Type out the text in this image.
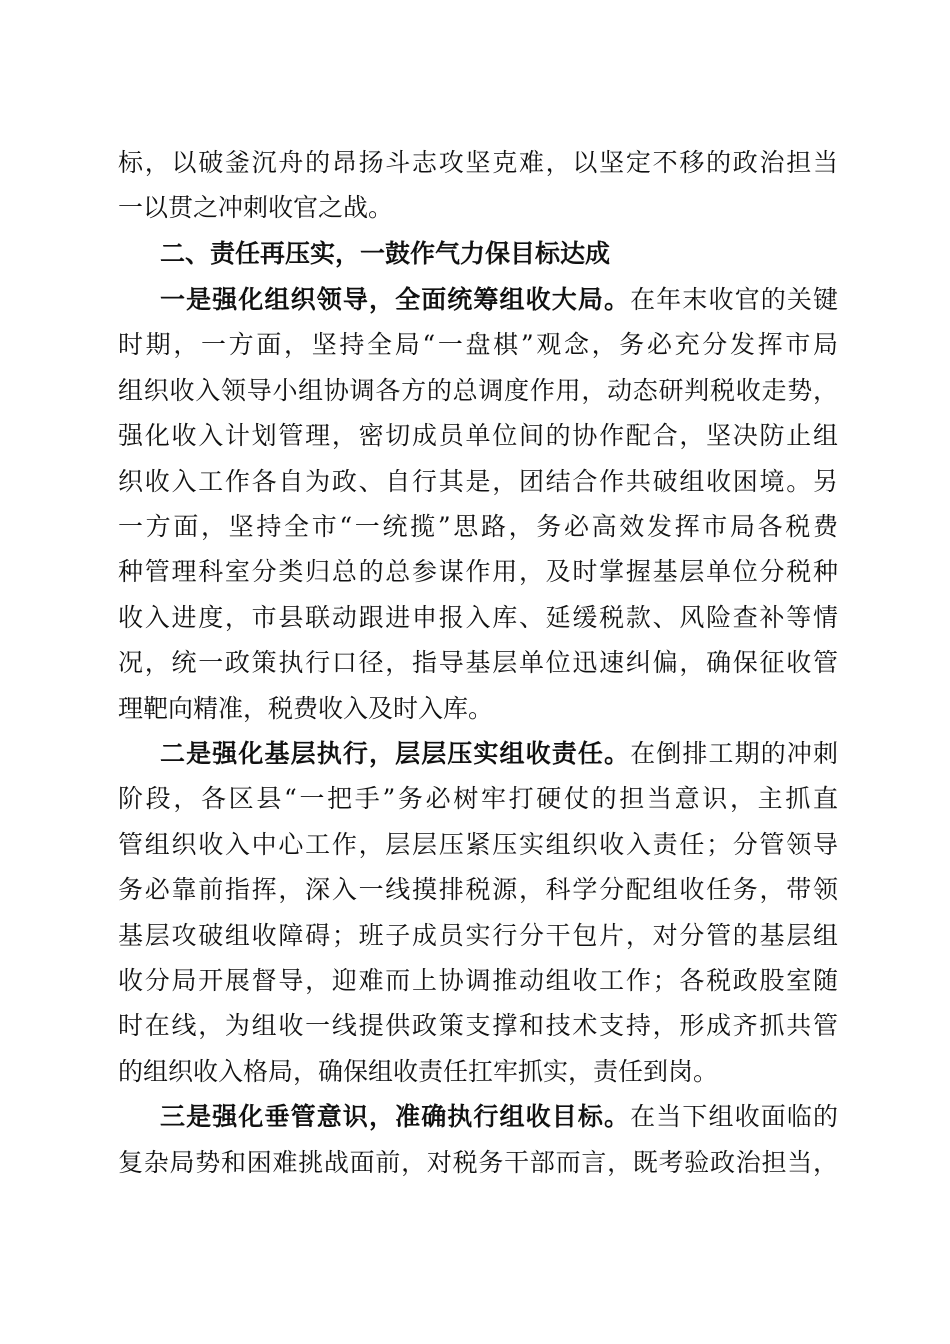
标，以破釜沉舟的昂扬斗志攻坚克难，以坚定不移的政治担当
一以贯之冲刺收官之战。
二、责任再压实，一鼓作气力保目标达成
一是强化组织领导，全面统筹组收大局。在年末收官的关键
时期，一方面，坚持全局“一盘棋”观念，务必充分发挥市局
组织收入领导小组协调各方的总调度作用，动态研判税收走势，
强化收入计划管理，密切成员单位间的协作配合，坚决防止组
织收入工作各自为政、自行其是，团结合作共破组收困境。另
一方面，坚持全市“一统揽”思路，务必高效发挥市局各税费
种管理科室分类归总的总参谋作用，及时掌握基层单位分税种
收入进度，市县联动跟进申报入库、延缓税款、风险查补等情
况，统一政策执行口径，指导基层单位迅速纠偏，确保征收管
理靶向精准，税费收入及时入库。
二是强化基层执行，层层压实组收责任。在倒排工期的冲刺
阶段，各区县“一把手”务必树牢打硬仗的担当意识，主抓直
管组织收入中心工作，层层压紧压实组织收入责任；分管领导
务必靠前指挥，深入一线摸排税源，科学分配组收任务，带领
基层攻破组收障碍；班子成员实行分干包片，对分管的基层组
收分局开展督导，迎难而上协调推动组收工作；各税政股室随
时在线，为组收一线提供政策支撑和技术支持，形成齐抓共管
的组织收入格局，确保组收责任扛牢抓实，责任到岗。
三是强化垂管意识，准确执行组收目标。在当下组收面临的
复杂局势和困难挑战面前，对税务干部而言，既考验政治担当，
